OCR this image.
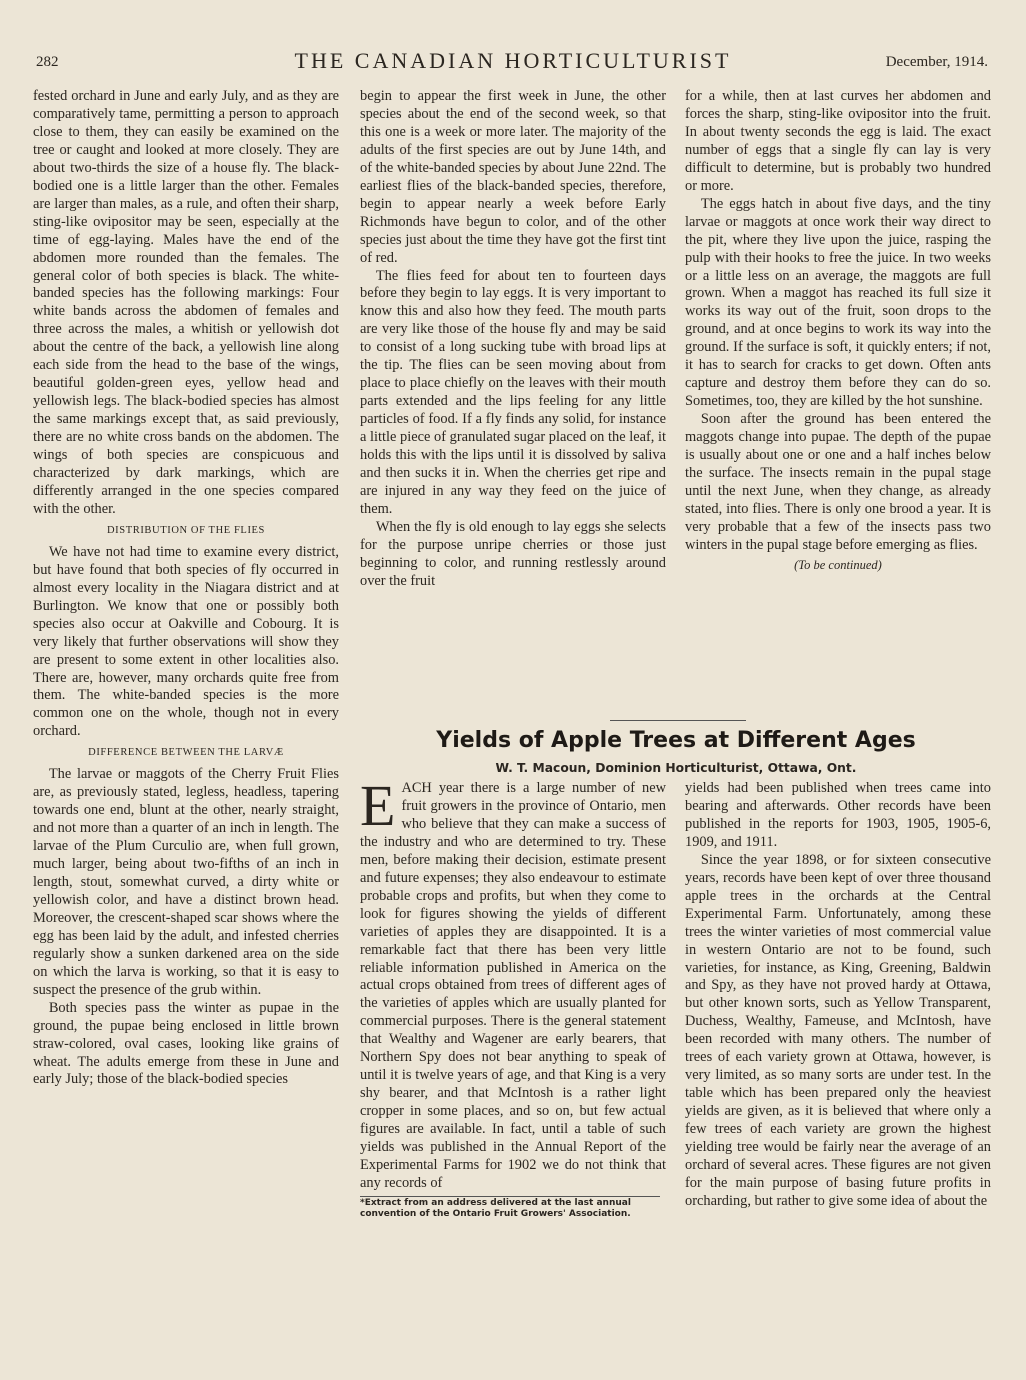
282	THE CANADIAN HORTICULTURIST	December, 1914.

fested orchard in June and early July, and as they are comparatively tame, permitting a person to approach close to them, they can easily be examined on the tree or caught and looked at more closely. They are about two-thirds the size of a house fly. The black-bodied one is a little larger than the other. Females are larger than males, as a rule, and often their sharp, sting-like ovipositor may be seen, especially at the time of egg-laying. Males have the end of the abdomen more rounded than the females. The general color of both species is black. The white-banded species has the following markings: Four white bands across the abdomen of females and three across the males, a whitish or yellowish dot about the centre of the back, a yellowish line along each side from the head to the base of the wings, beautiful golden-green eyes, yellow head and yellowish legs. The black-bodied species has almost the same markings except that, as said previously, there are no white cross bands on the abdomen. The wings of both species are conspicuous and characterized by dark markings, which are differently arranged in the one species compared with the other.

DISTRIBUTION OF THE FLIES

We have not had time to examine every district, but have found that both species of fly occurred in almost every locality in the Niagara district and at Burlington. We know that one or possibly both species also occur at Oakville and Cobourg. It is very likely that further observations will show they are present to some extent in other localities also. There are, however, many orchards quite free from them. The white-banded species is the more common one on the whole, though not in every orchard.

DIFFERENCE BETWEEN THE LARVÆ

The larvae or maggots of the Cherry Fruit Flies are, as previously stated, legless, headless, tapering towards one end, blunt at the other, nearly straight, and not more than a quarter of an inch in length. The larvae of the Plum Curculio are, when full grown, much larger, being about two-fifths of an inch in length, stout, somewhat curved, a dirty white or yellowish color, and have a distinct brown head. Moreover, the crescent-shaped scar shows where the egg has been laid by the adult, and infested cherries regularly show a sunken darkened area on the side on which the larva is working, so that it is easy to suspect the presence of the grub within.

Both species pass the winter as pupae in the ground, the pupae being enclosed in little brown straw-colored, oval cases, looking like grains of wheat. The adults emerge from these in June and early July; those of the black-bodied species

begin to appear the first week in June, the other species about the end of the second week, so that this one is a week or more later. The majority of the adults of the first species are out by June 14th, and of the white-banded species by about June 22nd. The earliest flies of the black-banded species, therefore, begin to appear nearly a week before Early Richmonds have begun to color, and of the other species just about the time they have got the first tint of red.

The flies feed for about ten to fourteen days before they begin to lay eggs. It is very important to know this and also how they feed. The mouth parts are very like those of the house fly and may be said to consist of a long sucking tube with broad lips at the tip. The flies can be seen moving about from place to place chiefly on the leaves with their mouth parts extended and the lips feeling for any little particles of food. If a fly finds any solid, for instance a little piece of granulated sugar placed on the leaf, it holds this with the lips until it is dissolved by saliva and then sucks it in. When the cherries get ripe and are injured in any way they feed on the juice of them.

When the fly is old enough to lay eggs she selects for the purpose unripe cherries or those just beginning to color, and running restlessly around over the fruit

for a while, then at last curves her abdomen and forces the sharp, sting-like ovipositor into the fruit. In about twenty seconds the egg is laid. The exact number of eggs that a single fly can lay is very difficult to determine, but is probably two hundred or more.

The eggs hatch in about five days, and the tiny larvae or maggots at once work their way direct to the pit, where they live upon the juice, rasping the pulp with their hooks to free the juice. In two weeks or a little less on an average, the maggots are full grown. When a maggot has reached its full size it works its way out of the fruit, soon drops to the ground, and at once begins to work its way into the ground. If the surface is soft, it quickly enters; if not, it has to search for cracks to get down. Often ants capture and destroy them before they can do so. Sometimes, too, they are killed by the hot sunshine.

Soon after the ground has been entered the maggots change into pupae. The depth of the pupae is usually about one or one and a half inches below the surface. The insects remain in the pupal stage until the next June, when they change, as already stated, into flies. There is only one brood a year. It is very probable that a few of the insects pass two winters in the pupal stage before emerging as flies.

(To be continued)
Yields of Apple Trees at Different Ages
W. T. Macoun, Dominion Horticulturist, Ottawa, Ont.

EACH year there is a large number of new fruit growers in the province of Ontario, men who believe that they can make a success of the industry and who are determined to try. These men, before making their decision, estimate present and future expenses; they also endeavour to estimate probable crops and profits, but when they come to look for figures showing the yields of different varieties of apples they are disappointed. It is a remarkable fact that there has been very little reliable information published in America on the actual crops obtained from trees of different ages of the varieties of apples which are usually planted for commercial purposes. There is the general statement that Wealthy and Wagener are early bearers, that Northern Spy does not bear anything to speak of until it is twelve years of age, and that King is a very shy bearer, and that McIntosh is a rather light cropper in some places, and so on, but few actual figures are available. In fact, until a table of such yields was published in the Annual Report of the Experimental Farms for 1902 we do not think that any records of

*Extract from an address delivered at the last annual convention of the Ontario Fruit Growers' Association.

yields had been published when trees came into bearing and afterwards. Other records have been published in the reports for 1903, 1905, 1905-6, 1909, and 1911.

Since the year 1898, or for sixteen consecutive years, records have been kept of over three thousand apple trees in the orchards at the Central Experimental Farm. Unfortunately, among these trees the winter varieties of most commercial value in western Ontario are not to be found, such varieties, for instance, as King, Greening, Baldwin and Spy, as they have not proved hardy at Ottawa, but other known sorts, such as Yellow Transparent, Duchess, Wealthy, Fameuse, and McIntosh, have been recorded with many others. The number of trees of each variety grown at Ottawa, however, is very limited, as so many sorts are under test. In the table which has been prepared only the heaviest yields are given, as it is believed that where only a few trees of each variety are grown the highest yielding tree would be fairly near the average of an orchard of several acres. These figures are not given for the main purpose of basing future profits in orcharding, but rather to give some idea of about the
